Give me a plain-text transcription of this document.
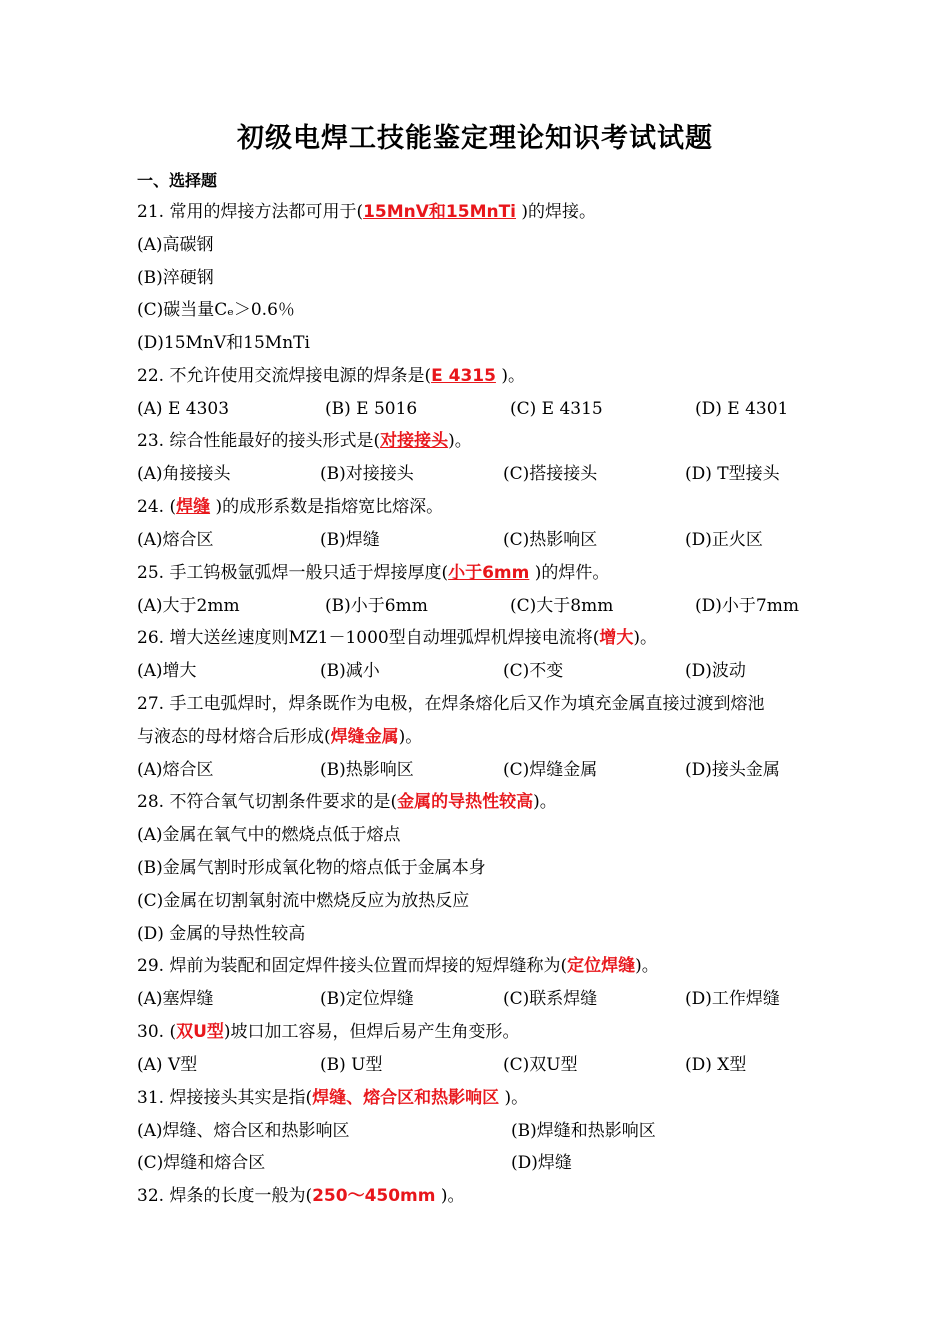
初级电焊工技能鉴定理论知识考试试题
一、选择题
21. 常用的焊接方法都可用于(15MnV和15MnTi )的焊接。
(A)高碳钢
(B)淬硬钢
(C)碳当量Cₑ＞0.6％
(D)15MnV和15MnTi
22. 不允许使用交流焊接电源的焊条是(E 4315 )。
(A) E 4303	(B) E 5016	(C) E 4315	(D) E 4301
23. 综合性能最好的接头形式是(对接接头)。
(A)角接接头	(B)对接接头	(C)搭接接头	(D) T型接头
24. (焊缝 )的成形系数是指熔宽比熔深。
(A)熔合区	(B)焊缝	(C)热影响区	(D)正火区
25. 手工钨极氩弧焊一般只适于焊接厚度(小于6mm )的焊件。
(A)大于2mm	(B)小于6mm	(C)大于8mm	(D)小于7mm
26. 增大送丝速度则MZ1－1000型自动埋弧焊机焊接电流将(增大)。
(A)增大	(B)减小	(C)不变	(D)波动
27. 手工电弧焊时，焊条既作为电极，在焊条熔化后又作为填充金属直接过渡到熔池
与液态的母材熔合后形成(焊缝金属)。
(A)熔合区	(B)热影响区	(C)焊缝金属	(D)接头金属
28. 不符合氧气切割条件要求的是(金属的导热性较高)。
(A)金属在氧气中的燃烧点低于熔点
(B)金属气割时形成氧化物的熔点低于金属本身
(C)金属在切割氧射流中燃烧反应为放热反应
(D) 金属的导热性较高
29. 焊前为装配和固定焊件接头位置而焊接的短焊缝称为(定位焊缝)。
(A)塞焊缝	(B)定位焊缝	(C)联系焊缝	(D)工作焊缝
30. (双U型)坡口加工容易，但焊后易产生角变形。
(A) V型	(B) U型	(C)双U型	(D) X型
31. 焊接接头其实是指(焊缝、熔合区和热影响区 )。
(A)焊缝、熔合区和热影响区	(B)焊缝和热影响区
(C)焊缝和熔合区	(D)焊缝
32. 焊条的长度一般为(250～450mm )。
